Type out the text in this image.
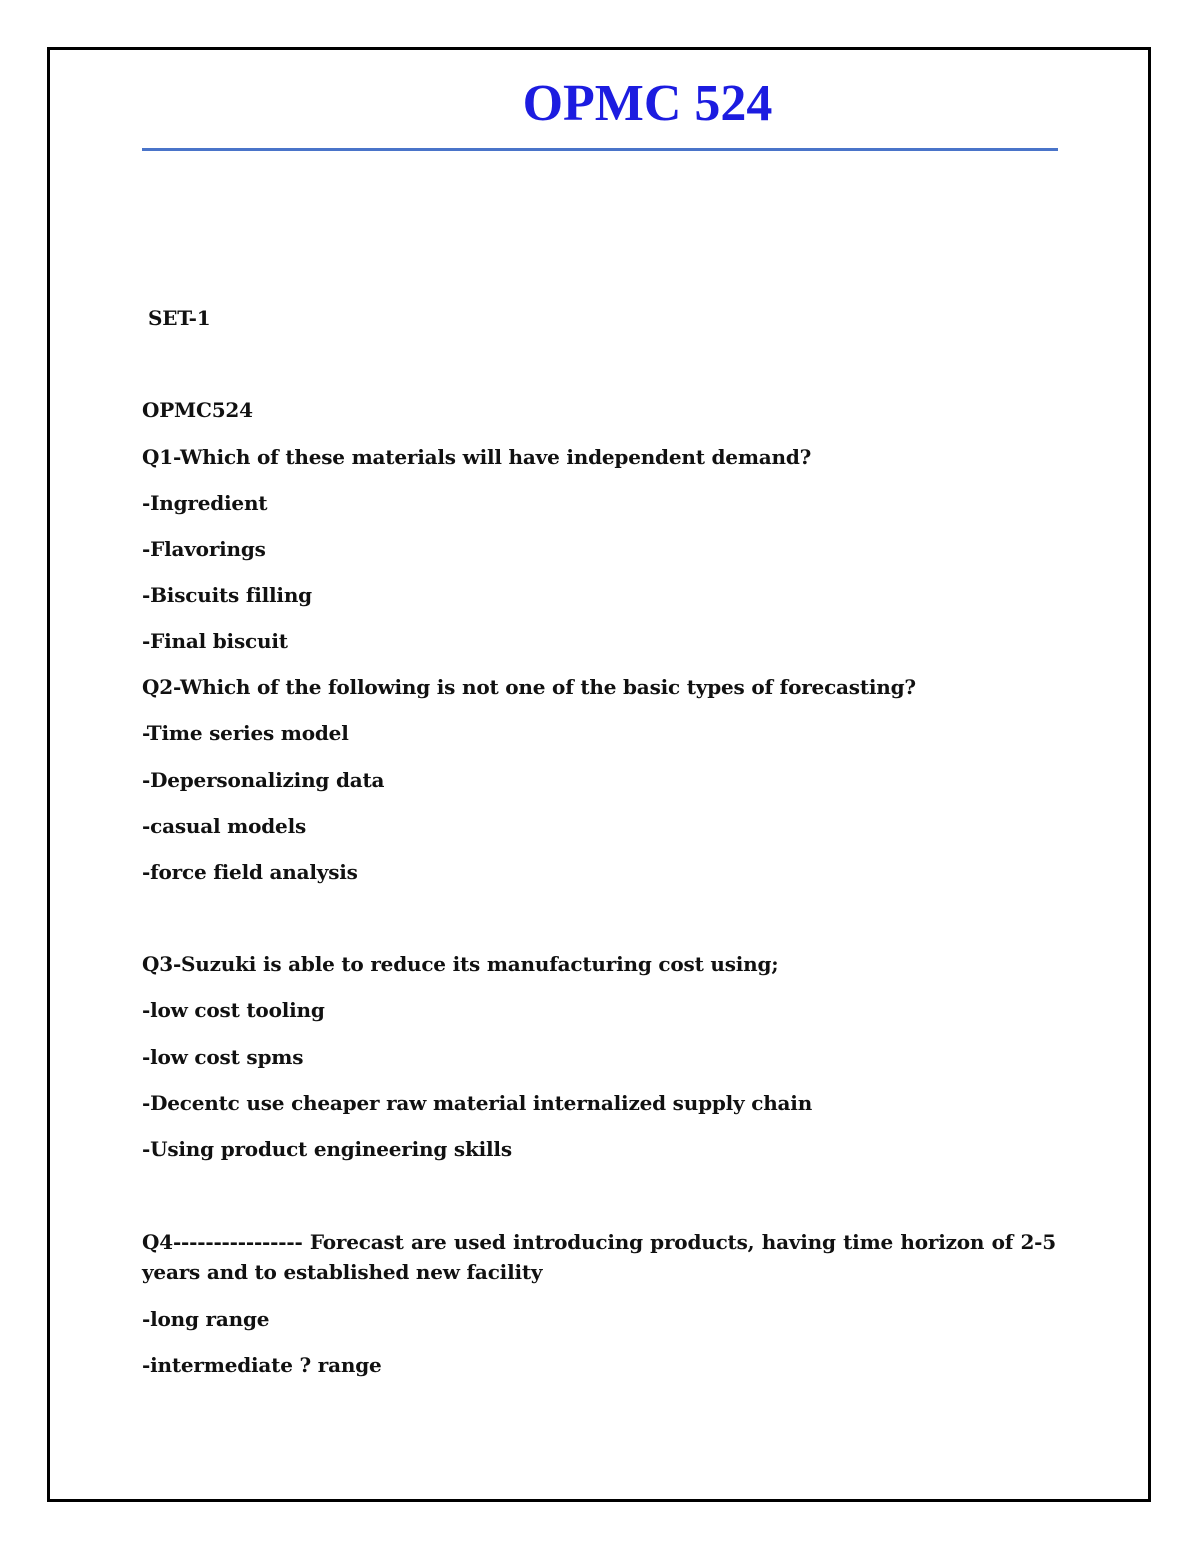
OPMC 524

SET-1

OPMC524

Q1-Which of these materials will have independent demand?

-Ingredient

-Flavorings

-Biscuits filling

-Final biscuit

Q2-Which of the following is not one of the basic types of forecasting?

-Time series model

-Depersonalizing data

-casual models

-force field analysis

Q3-Suzuki is able to reduce its manufacturing cost using;

-low cost tooling

-low cost spms

-Decentc use cheaper raw material internalized supply chain

-Using product engineering skills

Q4---------------- Forecast are used introducing products, having time horizon of 2-5 years and to established new facility

-long range

-intermediate ? range
